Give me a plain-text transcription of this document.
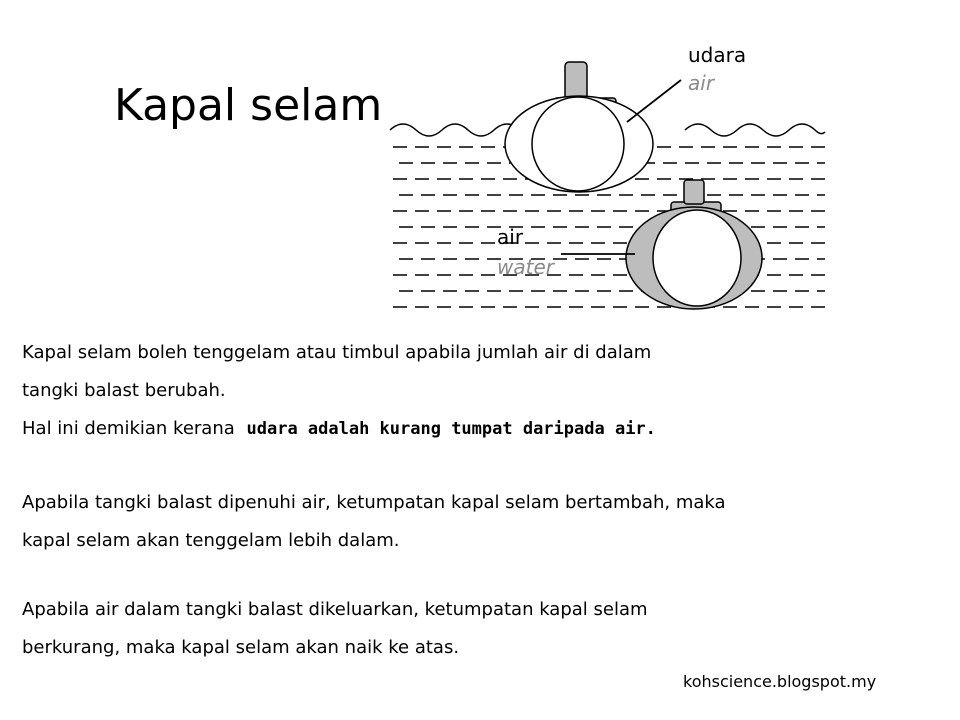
Kapal selam
udara
air
air
water

Kapal selam boleh tenggelam atau timbul apabila jumlah air di dalam
tangki balast berubah.
Hal ini demikian kerana udara adalah kurang tumpat daripada air.

Apabila tangki balast dipenuhi air, ketumpatan kapal selam bertambah, maka
kapal selam akan tenggelam lebih dalam.

Apabila air dalam tangki balast dikeluarkan, ketumpatan kapal selam
berkurang, maka kapal selam akan naik ke atas.

kohscience.blogspot.my
